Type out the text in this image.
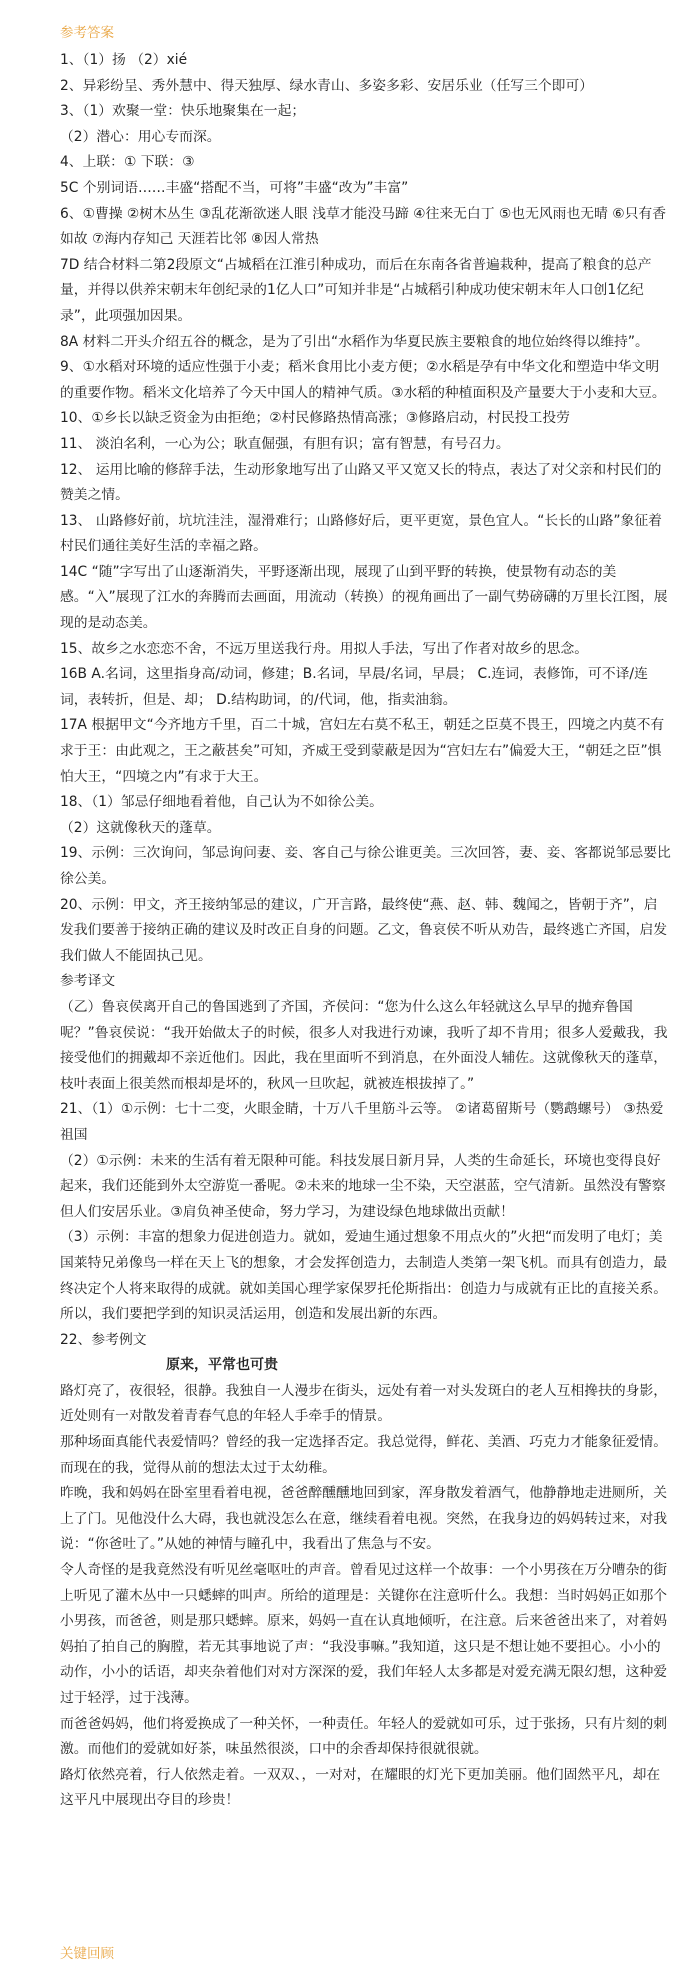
参考答案
1、（1）扬 （2）xié
2、异彩纷呈、秀外慧中、得天独厚、绿水青山、多姿多彩、安居乐业（任写三个即可）
3、（1）欢聚一堂：快乐地聚集在一起；
（2）潜心：用心专而深。
4、上联：① 下联：③
5C 个别词语……丰盛“搭配不当，可将”丰盛“改为”丰富”
6、①曹操 ②树木丛生 ③乱花渐欲迷人眼 浅草才能没马蹄 ④往来无白丁 ⑤也无风雨也无晴 ⑥只有香如故 ⑦海内存知己 天涯若比邻 ⑧因人常热
7D 结合材料二第2段原文“占城稻在江淮引种成功，而后在东南各省普遍栽种，提高了粮食的总产量，并得以供养宋朝末年创纪录的1亿人口”可知并非是“占城稻引种成功使宋朝末年人口创1亿纪录”，此项强加因果。
8A 材料二开头介绍五谷的概念，是为了引出“水稻作为华夏民族主要粮食的地位始终得以维持”。
9、①水稻对环境的适应性强于小麦；稻米食用比小麦方便；②水稻是孕有中华文化和塑造中华文明的重要作物。稻米文化培养了今天中国人的精神气质。③水稻的种植面积及产量要大于小麦和大豆。
10、①乡长以缺乏资金为由拒绝；②村民修路热情高涨；③修路启动，村民投工投劳
11、 淡泊名利，一心为公；耿直倔强，有胆有识；富有智慧，有号召力。
12、 运用比喻的修辞手法，生动形象地写出了山路又平又宽又长的特点，表达了对父亲和村民们的赞美之情。
13、 山路修好前，坑坑洼洼，湿滑难行；山路修好后，更平更宽，景色宜人。“长长的山路”象征着村民们通往美好生活的幸福之路。
14C “随”字写出了山逐渐消失，平野逐渐出现，展现了山到平野的转换，使景物有动态的美感。“入”展现了江水的奔腾而去画面，用流动（转换）的视角画出了一副气势磅礴的万里长江图，展现的是动态美。
15、故乡之水恋恋不舍，不远万里送我行舟。用拟人手法，写出了作者对故乡的思念。
16B A.名词，这里指身高/动词，修建；B.名词，早晨/名词，早晨； C.连词，表修饰，可不译/连词，表转折，但是、却； D.结构助词，的/代词，他，指卖油翁。
17A 根据甲文“今齐地方千里，百二十城，宫妇左右莫不私王，朝廷之臣莫不畏王，四境之内莫不有求于王：由此观之，王之蔽甚矣”可知，齐威王受到蒙蔽是因为“宫妇左右”偏爱大王，“朝廷之臣”惧怕大王，“四境之内”有求于大王。
18、（1）邹忌仔细地看着他，自己认为不如徐公美。
（2）这就像秋天的蓬草。
19、示例：三次询问，邹忌询问妻、妾、客自己与徐公谁更美。三次回答，妻、妾、客都说邹忌要比徐公美。
20、示例：甲文，齐王接纳邹忌的建议，广开言路，最终使“燕、赵、韩、魏闻之，皆朝于齐”，启发我们要善于接纳正确的建议及时改正自身的问题。乙文，鲁哀侯不听从劝告，最终逃亡齐国，启发我们做人不能固执己见。
参考译文
（乙）鲁哀侯离开自己的鲁国逃到了齐国，齐侯问：“您为什么这么年轻就这么早早的抛弃鲁国呢？”鲁哀侯说：“我开始做太子的时候，很多人对我进行劝谏，我听了却不肯用；很多人爱戴我，我接受他们的拥戴却不亲近他们。因此，我在里面听不到消息，在外面没人辅佐。这就像秋天的蓬草，枝叶表面上很美然而根却是坏的，秋风一旦吹起，就被连根拔掉了。”
21、（1）①示例：七十二变，火眼金睛，十万八千里筋斗云等。 ②诸葛留斯号（鹦鹉螺号） ③热爱祖国
（2）①示例：未来的生活有着无限种可能。科技发展日新月异，人类的生命延长，环境也变得良好起来，我们还能到外太空游览一番呢。②未来的地球一尘不染，天空湛蓝，空气清新。虽然没有警察但人们安居乐业。③肩负神圣使命，努力学习，为建设绿色地球做出贡献！
（3）示例：丰富的想象力促进创造力。就如，爱迪生通过想象不用点火的”火把“而发明了电灯；美国莱特兄弟像鸟一样在天上飞的想象，才会发挥创造力，去制造人类第一架飞机。而具有创造力，最终决定个人将来取得的成就。就如美国心理学家保罗托伦斯指出：创造力与成就有正比的直接关系。所以，我们要把学到的知识灵活运用，创造和发展出新的东西。
22、参考例文
原来，平常也可贵
路灯亮了，夜很轻，很静。我独自一人漫步在街头，远处有着一对头发斑白的老人互相搀扶的身影，近处则有一对散发着青春气息的年轻人手牵手的情景。
那种场面真能代表爱情吗？曾经的我一定选择否定。我总觉得，鲜花、美酒、巧克力才能象征爱情。而现在的我，觉得从前的想法太过于太幼稚。
昨晚，我和妈妈在卧室里看着电视，爸爸醉醺醺地回到家，浑身散发着酒气，他静静地走进厕所，关上了门。见他没什么大碍，我也就没怎么在意，继续看着电视。突然，在我身边的妈妈转过来，对我说：“你爸吐了。”从她的神情与瞳孔中，我看出了焦急与不安。
令人奇怪的是我竟然没有听见丝毫呕吐的声音。曾看见过这样一个故事：一个小男孩在万分嘈杂的街上听见了灌木丛中一只蟋蟀的叫声。所给的道理是：关键你在注意听什么。我想：当时妈妈正如那个小男孩，而爸爸，则是那只蟋蟀。原来，妈妈一直在认真地倾听，在注意。后来爸爸出来了，对着妈妈拍了拍自己的胸膛，若无其事地说了声：“我没事嘛。”我知道，这只是不想让她不要担心。小小的动作，小小的话语，却夹杂着他们对对方深深的爱，我们年轻人太多都是对爱充满无限幻想，这种爱过于轻浮，过于浅薄。
而爸爸妈妈，他们将爱换成了一种关怀，一种责任。年轻人的爱就如可乐，过于张扬，只有片刻的刺激。而他们的爱就如好茶，味虽然很淡，口中的余香却保持很就很就。
路灯依然亮着，行人依然走着。一双双、，一对对，在耀眼的灯光下更加美丽。他们固然平凡，却在这平凡中展现出夺目的珍贵！
关键回顾
